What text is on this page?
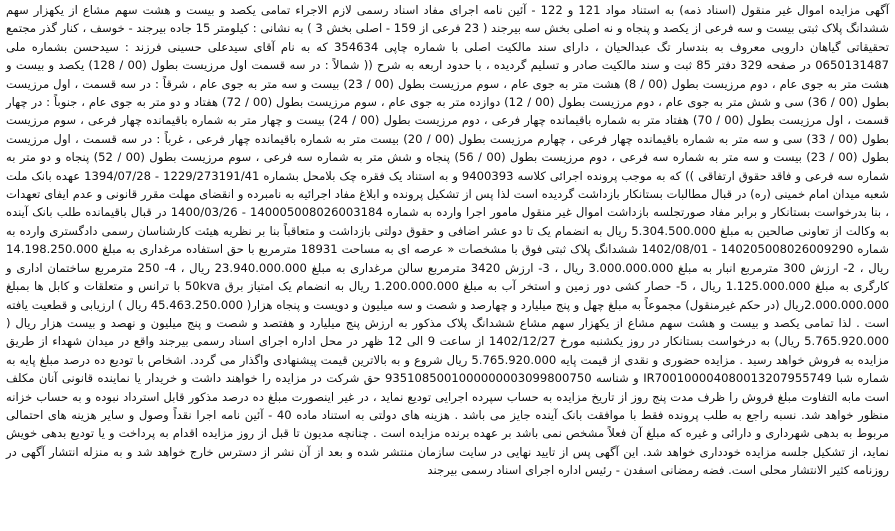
آگهی مزایده اموال غیر منقول (اسناد ذمه) به استناد مواد 121 و 122 - آئین نامه اجرای مفاد اسناد رسمی لازم الاجراء تمامی یکصد و بیست و هشت سهم مشاع از یکهزار سهم ششدانگ پلاک ثبتی بیست و سه فرعی از یکصد و پنجاه و نه اصلی بخش سه بیرجند ( 23 فرعی از 159 - اصلی بخش 3 ) به نشانی : کیلومتر 15 جاده بیرجند - خوسف ، کنار گذر مجتمع تحقیقاتی گیاهان دارویی معروف به بندسار تگ عبدالحیان ، دارای سند مالکیت اصلی با شماره چاپی 354634 که به نام آقای سیدعلی حسینی فرزند : سیدحسن بشماره ملی 0650131487 در صفحه 329 دفتر 85 ثبت و سند مالکیت صادر و تسلیم گردیده ، با حدود اربعه به شرح (( شمالاً : در سه قسمت اول مرزیست بطول (00 / 128) یکصد و بیست و هشت متر به جوی عام ، دوم مرزیست بطول (00 / 8) هشت متر به جوی عام ، سوم مرزیست بطول (00 / 23) بیست و سه متر به جوی عام ، شرقاً : در سه قسمت ، اول مرزیست بطول (00 / 36) سی و شش متر به جوی عام ، دوم مرزیست بطول (00 / 12) دوازده متر به جوی عام ، سوم مرزیست بطول (00 / 72) هفتاد و دو متر به جوی عام ، جنوباً : در چهار قسمت ، اول مرزیست بطول (00 / 70) هفتاد متر به شماره باقیمانده چهار فرعی ، دوم مرزیست بطول (00 / 24) بیست و چهار متر به شماره باقیمانده چهار فرعی ، سوم مرزیست بطول (00 / 33) سی و سه متر به شماره باقیمانده چهار فرعی ، چهارم مرزیست بطول (00 / 20) بیست متر به شماره باقیمانده چهار فرعی ، غرباً : در سه قسمت ، اول مرزیست بطول (00 / 23) بیست و سه متر به شماره سه فرعی ، دوم مرزیست بطول (00 / 56) پنجاه و شش متر به شماره سه فرعی ، سوم مرزیست بطول (00 / 52) پنجاه و دو متر به شماره سه فرعی و فاقد حقوق ارتفاقی )) که به موجب پرونده اجرائی کلاسه 9400393 و به استناد یک فقره چک بلامحل بشماره 1229/273191/41 - 1394/07/28 عهده بانک ملت شعبه میدان امام خمینی (ره) در قبال مطالبات بستانکار بازداشت گردیده است لذا پس از تشکیل پرونده و ابلاغ مفاد اجرائیه به نامبرده و انقضای مهلت مقرر قانونی و عدم ایفای تعهدات ، بنا بدرخواست بستانکار و برابر مفاد صورتجلسه بازداشت اموال غیر منقول مامور اجرا وارده به شماره 140005008026003184 - 1400/03/26 در قبال باقیمانده طلب بانک آینده به وکالت از تعاونی صالحین به مبلغ 5.304.500.000 ریال به انضمام یک تا دو عشر اضافی و حقوق دولتی بازداشت و متعاقباً بنا بر نظریه هیئت کارشناسان رسمی دادگستری وارده به شماره 140205008026009290 - 1402/08/01 ششدانگ پلاک ثبتی فوق با مشخصات « عرصه ای به مساحت 18931 مترمربع با حق استفاده مرغداری به مبلغ 14.198.250.000 ریال ، 2- ارزش 300 مترمربع انبار به مبلغ 3.000.000.000 ریال ، 3- ارزش 3420 مترمربع سالن مرغداری به مبلغ 23.940.000.000 ریال ، 4- 250 مترمربع ساختمان اداری و کارگری به مبلغ 1.125.000.000 ریال ، 5- حصار کشی دور زمین و استخر آب به مبلغ 1.200.000.000 ریال به انضمام یک امتیاز برق 50kva با ترانس و متعلقات و کابل ها بمبلغ 2.000.000.000ریال (در حکم غیرمنقول) مجموعاً به مبلغ چهل و پنج میلیارد و چهارصد و شصت و سه میلیون و دویست و پنجاه هزار( 45.463.250.000 ریال ) ارزیابی و قطعیت یافته است . لذا تمامی یکصد و بیست و هشت سهم مشاع از یکهزار سهم مشاع ششدانگ پلاک مذکور به ارزش پنج میلیارد و هفتصد و شصت و پنج میلیون و نهصد و بیست هزار ریال ( 5.765.920.000 ریال) به درخواست بستانکار در روز یکشنبه مورخ 1402/12/27 از ساعت 9 الی 12 ظهر در محل اداره اجرای اسناد رسمی بیرجند واقع در میدان شهداء از طریق مزایده به فروش خواهد رسید . مزایده حضوری و نقدی از قیمت پایه 5.765.920.000 ریال شروع و به بالاترین قیمت پیشنهادی واگذار می گردد. اشخاص با تودیع ده درصد مبلغ پایه به شماره شبا IR700100004080013207955749 و شناسه 9351085001000000003099800750 حق شرکت در مزایده را خواهند داشت و خریدار یا نماینده قانونی آنان مکلف است مابه التفاوت مبلغ فروش را ظرف مدت پنج روز از تاریخ مزایده به حساب سپرده اجرایی تودیع نماید ، در غیر اینصورت مبلغ ده درصد مذکور قابل استرداد نبوده و به حساب خزانه منظور خواهد شد. نسبه راجع به طلب پرونده فقط با موافقت بانک آینده جایز می باشد . هزینه های دولتی به استناد ماده 40 - آئین نامه اجرا نقداً وصول و سایر هزینه های احتمالی مربوط به بدهی شهرداری و دارائی و غیره که مبلغ آن فعلاً مشخص نمی باشد بر عهده برنده مزایده است . چنانچه مدیون تا قبل از روز مزایده اقدام به پرداخت و یا تودیع بدهی خویش نماید، از تشکیل جلسه مزایده خودداری خواهد شد. این آگهی پس از تایید نهایی در سایت سازمان منتشر شده و بعد از آن نشر از دسترس خارج خواهد شد و به منزله انتشار آگهی در روزنامه کثیر الانتشار محلی است. فضه رمضانی اسفدن - رئیس اداره اجرای اسناد رسمی بیرجند
